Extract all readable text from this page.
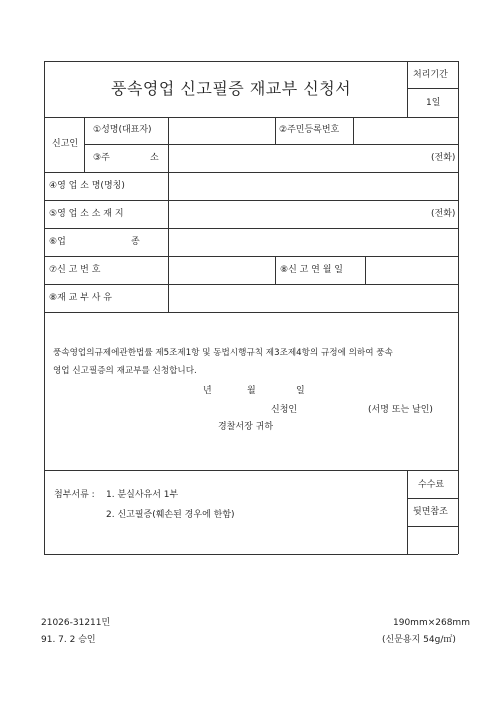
풍속영업 신고필증 재교부 신청서
처리기간
1일
신고인
①성명(대표자)	②주민등록번호
③주	소	(전화)
④영 업 소 명(명칭)
⑤영 업 소 소 재 지	(전화)
⑥업	종
⑦신 고 번 호	⑧신 고 연 월 일
⑧재 교 부 사 유
풍속영업의규제에관한법률 제5조제1항 및 동법시행규칙 제3조제4항의 규정에 의하여 풍속
영업 신고필증의 재교부를 신청합니다.
년	월	일
신청인	(서명 또는 날인)
경찰서장 귀하
첨부서류 : 1. 분실사유서 1부
2. 신고필증(훼손된 경우에 한함)
수수료
뒷면참조
21026-31211민
91. 7. 2 승인
190mm×268mm
(신문용지 54g/㎡)
